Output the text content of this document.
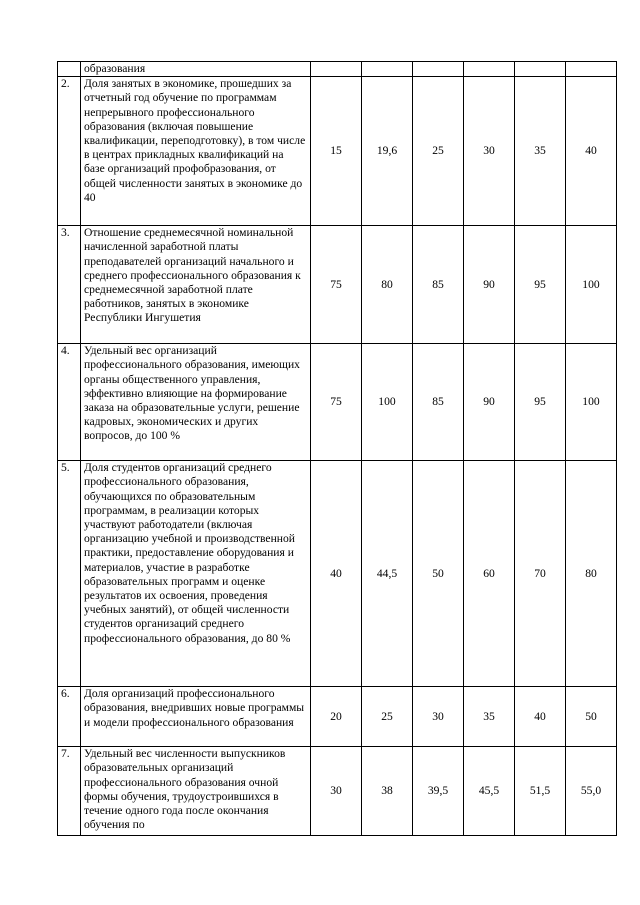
	образования						
2.	Доля занятых в экономике, прошедших за отчетный год обучение по программам непрерывного профессионального образования (включая повышение квалификации, переподготовку), в том числе в центрах прикладных квалификаций на базе организаций профобразования, от общей численности занятых в экономике до 40	15	19,6	25	30	35	40
3.	Отношение среднемесячной номинальной начисленной заработной платы преподавателей организаций начального и среднего профессионального образования к среднемесячной заработной плате работников, занятых в экономике Республики Ингушетия	75	80	85	90	95	100
4.	Удельный вес организаций профессионального образования, имеющих органы общественного управления, эффективно влияющие на формирование заказа на образовательные услуги, решение кадровых, экономических и других вопросов, до 100 %	75	100	85	90	95	100
5.	Доля студентов организаций среднего профессионального образования, обучающихся по образовательным программам, в реализации которых участвуют работодатели (включая организацию учебной и производственной практики, предоставление оборудования и материалов, участие в разработке образовательных программ и оценке результатов их освоения, проведения учебных занятий), от общей численности студентов организаций среднего профессионального образования, до 80 %	40	44,5	50	60	70	80
6.	Доля организаций профессионального образования, внедривших новые программы и модели профессионального образования	20	25	30	35	40	50
7.	Удельный вес численности выпускников образовательных организаций профессионального образования очной формы обучения, трудоустроившихся в течение одного года после окончания обучения по	30	38	39,5	45,5	51,5	55,0
